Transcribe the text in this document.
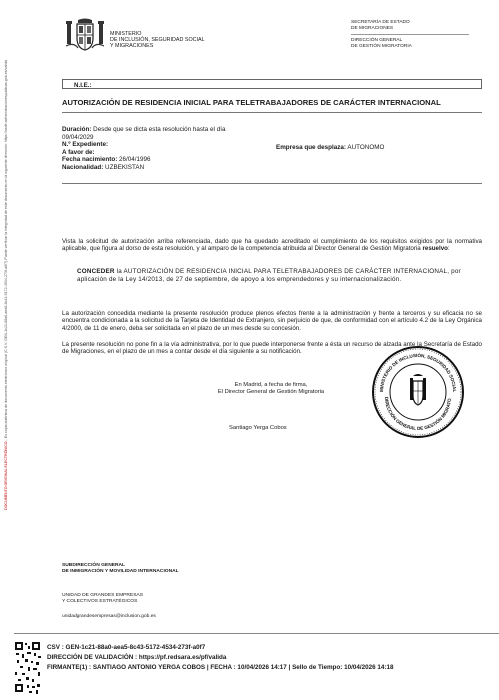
DOCUMENTO ORIGINAL ELECTRÓNICO - Es copia auténtica de documento electrónico original (C.S.V: GEN-1c21-88a0-aea5-8c43-5172-4534-273f-a0f7) Puede verificar la integridad de este documento en la siguiente dirección: https://sede.administracionespublicas.gob.es/valida
MINISTERIO
DE INCLUSIÓN, SEGURIDAD SOCIAL
Y MIGRACIONES
SECRETARÍA DE ESTADO
DE MIGRACIONES
DIRECCIÓN GENERAL
DE GESTIÓN MIGRATORIA
N.I.E.:
AUTORIZACIÓN DE RESIDENCIA INICIAL PARA TELETRABAJADORES DE CARÁCTER INTERNACIONAL
Duración: Desde que se dicta esta resolución hasta el día
09/04/2029
N.º Expediente:
A favor de:
Fecha nacimiento: 26/04/1996
Nacionalidad: UZBEKISTAN
Empresa que desplaza: AUTONOMO
Vista la solicitud de autorización arriba referenciada, dado que ha quedado acreditado el cumplimiento de los requisitos exigidos por la normativa aplicable, que figura al dorso de esta resolución, y al amparo de la competencia atribuida al Director General de Gestión Migratoria resuelvo:
CONCEDER la AUTORIZACIÓN DE RESIDENCIA INICIAL PARA TELETRABAJADORES DE CARÁCTER INTERNACIONAL, por aplicación de la Ley 14/2013, de 27 de septiembre, de apoyo a los emprendedores y su internacionalización.
La autorización concedida mediante la presente resolución produce plenos efectos frente a la administración y frente a terceros y su eficacia no se encuentra condicionada a la solicitud de la Tarjeta de Identidad de Extranjero, sin perjuicio de que, de conformidad con el artículo 4.2 de la Ley Orgánica 4/2000, de 11 de enero, deba ser solicitada en el plazo de un mes desde su concesión.
La presente resolución no pone fin a la vía administrativa, por lo que puede interponerse frente a ésta un recurso de alzada ante la Secretaría de Estado de Migraciones, en el plazo de un mes a contar desde el día siguiente a su notificación.
En Madrid, a fecha de firma,
El Director General de Gestión Migratoria
Santiago Yerga Cobos
MINISTERIO DE INCLUSIÓN, SEGURIDAD SOCIAL
DIRECCIÓN GENERAL DE GESTIÓN MIGRATO
SUBDIRECCIÓN GENERAL
DE INMIGRACIÓN Y MOVILIDAD INTERNACIONAL
UNIDAD DE GRANDES EMPRESAS
Y COLECTIVOS ESTRATÉGICOS
unidadgrandesempresas@inclusion.gob.es
CSV : GEN-1c21-88a0-aea5-8c43-5172-4534-273f-a0f7
DIRECCIÓN DE VALIDACIÓN : https://pf.redsara.es/pf/valida
FIRMANTE(1) : SANTIAGO ANTONIO YERGA COBOS | FECHA : 10/04/2026 14:17 | Sello de Tiempo: 10/04/2026 14:18
